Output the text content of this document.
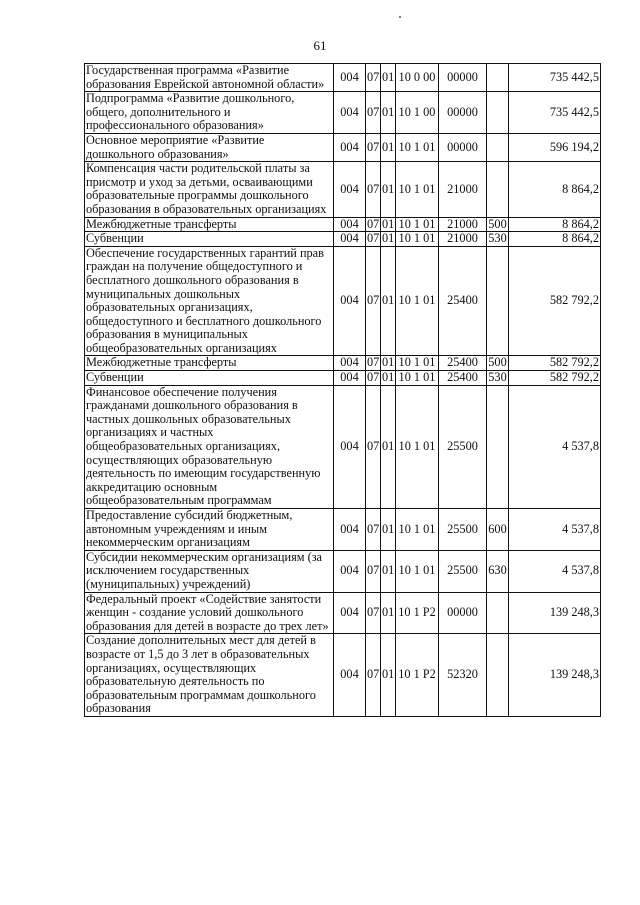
61
Государственная программа «Развитие образования Еврейской автономной области»	004	07	01	10 0 00	00000		735 442,5
Подпрограмма «Развитие дошкольного, общего, дополнительного и профессионального образования»	004	07	01	10 1 00	00000		735 442,5
Основное мероприятие «Развитие дошкольного образования»	004	07	01	10 1 01	00000		596 194,2
Компенсация части родительской платы за присмотр и уход за детьми, осваивающими образовательные программы дошкольного образования в образовательных организациях	004	07	01	10 1 01	21000		8 864,2
Межбюджетные трансферты	004	07	01	10 1 01	21000	500	8 864,2
Субвенции	004	07	01	10 1 01	21000	530	8 864,2
Обеспечение государственных гарантий прав граждан на получение общедоступного и бесплатного дошкольного образования в муниципальных дошкольных образовательных организациях, общедоступного и бесплатного дошкольного образования в муниципальных общеобразовательных организациях	004	07	01	10 1 01	25400		582 792,2
Межбюджетные трансферты	004	07	01	10 1 01	25400	500	582 792,2
Субвенции	004	07	01	10 1 01	25400	530	582 792,2
Финансовое обеспечение получения гражданами дошкольного образования в частных дошкольных образовательных организациях и частных общеобразовательных организациях, осуществляющих образовательную деятельность по имеющим государственную аккредитацию основным общеобразовательным программам	004	07	01	10 1 01	25500		4 537,8
Предоставление субсидий бюджетным, автономным учреждениям и иным некоммерческим организациям	004	07	01	10 1 01	25500	600	4 537,8
Субсидии некоммерческим организациям (за исключением государственных (муниципальных) учреждений)	004	07	01	10 1 01	25500	630	4 537,8
Федеральный проект «Содействие занятости женщин - создание условий дошкольного образования для детей в возрасте до трех лет»	004	07	01	10 1 Р2	00000		139 248,3
Создание дополнительных мест для детей в возрасте от 1,5 до 3 лет в образовательных организациях, осуществляющих образовательную деятельность по образовательным программам дошкольного образования	004	07	01	10 1 Р2	52320		139 248,3
